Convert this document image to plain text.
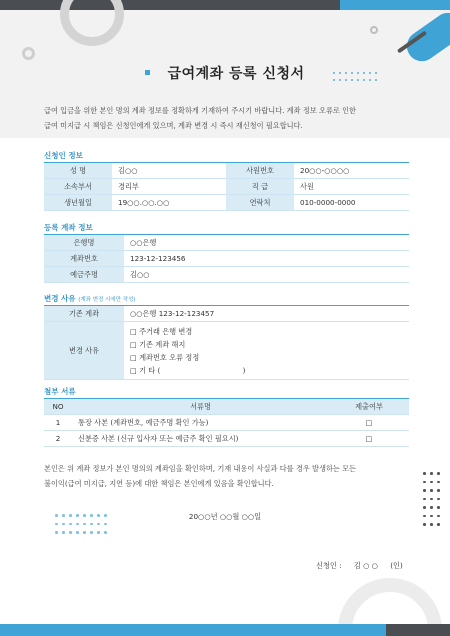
급여계좌 등록 신청서
급여 입금을 위한 본인 명의 계좌 정보를 정확하게 기재하여 주시기 바랍니다. 계좌 정보 오류로 인한
급여 미지급 시 책임은 신청인에게 있으며, 계좌 변경 시 즉시 재신청이 필요합니다.
신청인 정보
성 명	김○○	사원번호	20○○-○○○○
소속부서	경리부	직 급	사원
생년월일	19○○.○○.○○	연락처	010-0000-0000
등록 계좌 정보
은행명	○○은행
계좌번호	123-12-123456
예금주명	김○○
변경 사유 (계좌 변경 시에만 작성)
기존 계좌	○○은행 123-12-123457
변경 사유	□ 주거래 은행 변경
□ 기존 계좌 해지
□ 계좌번호 오류 정정
□ 기 타 (                                    )
첨부 서류
NO	서류명	제출여부
1	통장 사본 (계좌번호, 예금주명 확인 가능)	□
2	신분증 사본 (신규 입사자 또는 예금주 확인 필요시)	□
본인은 위 계좌 정보가 본인 명의의 계좌임을 확인하며, 기재 내용이 사실과 다를 경우 발생하는 모든
불이익(급여 미지급, 지연 등)에 대한 책임은 본인에게 있음을 확인합니다.
20○○년 ○○월 ○○일
신청인 : 김 ○ ○ (인)
